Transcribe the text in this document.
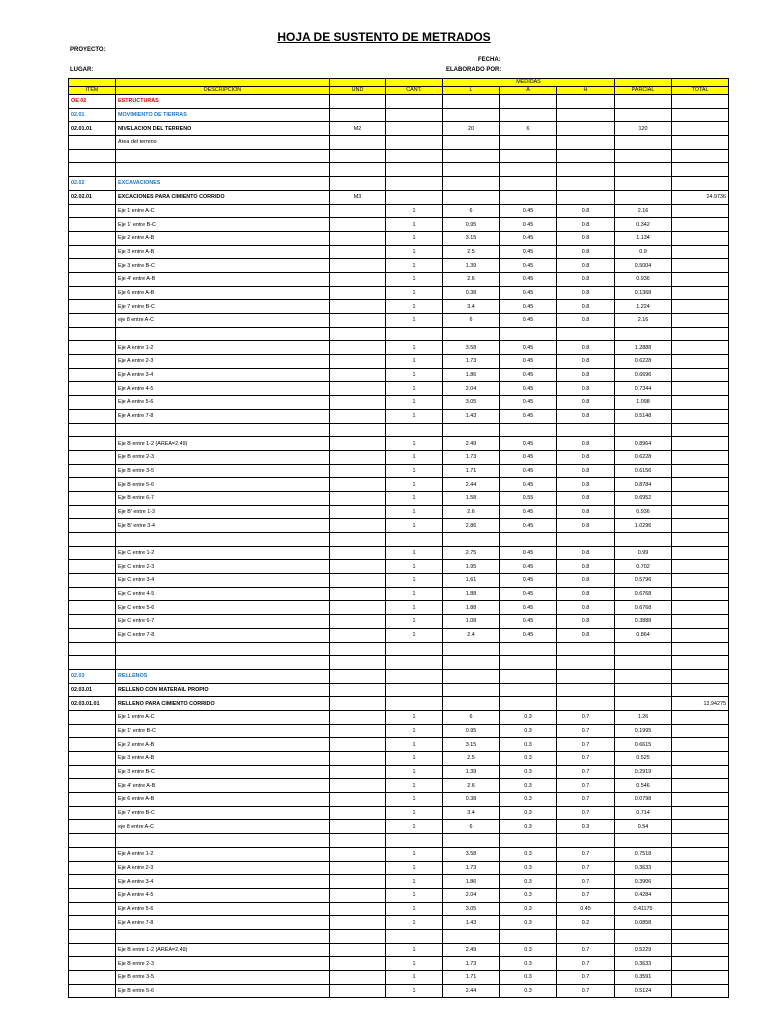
HOJA DE SUSTENTO DE METRADOS
PROYECTO:
LUGAR:
FECHA:
ELABORADO POR:
				MEDIDAS				
ITEM	DESCRIPCION	UND	CANT.	L	A	H	PARCIAL	TOTAL
OE 02	ESTRUCTURAS							
02.01	MOVIMIENTO DE TIERRAS							
02.01.01	NIVELACION DEL TERRENO	M2		20	6		120	
	Area del terreno							

02.02	EXCAVACIONES							
02.02.01	EXCACIONES PARA CIMIENTO CORRIDO	M3						24.9736
	Eje 1 entre A-C		1	6	0.45	0.8	2.16	
	Eje 1' entre B-C		1	0.95	0.45	0.8	0.342	
	Eje 2 entre A-B		1	3.15	0.45	0.8	1.134	
	Eje 3 entre A-B		1	2.5	0.45	0.8	0.9	
	Eje 3 entre B-C		1	1.39	0.45	0.8	0.5004	
	Eje 4' entre A-B		1	2.6	0.45	0.8	0.936	
	Eje 6 entre A-B		1	0.38	0.45	0.8	0.1368	
	Eje 7 entre B-C		1	3.4	0.45	0.8	1.224	
	eje 8 entre A-C		1	6	0.45	0.8	2.16	

	Eje A entre 1-2		1	3.58	0.45	0.8	1.2888	
	Eje A entre 2-3		1	1.73	0.45	0.8	0.6228	
	Eje A entre 3-4		1	1.86	0.45	0.8	0.6696	
	Eje A entre 4-5		1	2.04	0.45	0.8	0.7344	
	Eje A entre 5-6		1	3.05	0.45	0.8	1.098	
	Eje A entre 7-8		1	1.43	0.45	0.8	0.5148	

	Eje B entre 1-2 (AREA=2.49)		1	2.49	0.45	0.8	0.8964	
	Eje B entre 2-3		1	1.73	0.45	0.8	0.6228	
	Eje B entre 3-5		1	1.71	0.45	0.8	0.6156	
	Eje B entre 5-6		1	2.44	0.45	0.8	0.8784	
	Eje B entre 6-7		1	1.58	0.55	0.8	0.6952	
	Eje B' entre 1-3		1	2.6	0.45	0.8	0.936	
	Eje B' entre 3-4		1	2.86	0.45	0.8	1.0296	

	Eje C entre 1-2		1	2.75	0.45	0.8	0.99	
	Eje C entre 2-3		1	1.95	0.45	0.8	0.702	
	Eje C entre 3-4		1	1.61	0.45	0.8	0.5796	
	Eje C entre 4-5		1	1.88	0.45	0.8	0.6768	
	Eje C entre 5-6		1	1.88	0.45	0.8	0.6768	
	Eje C entre 6-7		1	1.08	0.45	0.8	0.3888	
	Eje C entre 7-8		1	2.4	0.45	0.8	0.864	

02.03	RELLENOS							
02.03.01	RELLENO CON MATERAIL PROPIO							
02.03.01.01	RELLENO PARA CIMIENTO CORRIDO							12.94275
	Eje 1 entre A-C		1	6	0.3	0.7	1.26	
	Eje 1' entre B-C		1	0.95	0.3	0.7	0.1995	
	Eje 2 entre A-B		1	3.15	0.3	0.7	0.6615	
	Eje 3 entre A-B		1	2.5	0.3	0.7	0.525	
	Eje 3 entre B-C		1	1.39	0.3	0.7	0.2919	
	Eje 4' entre A-B		1	2.6	0.3	0.7	0.546	
	Eje 6 entre A-B		1	0.38	0.3	0.7	0.0798	
	Eje 7 entre B-C		1	3.4	0.3	0.7	0.714	
	eje 8 entre A-C		1	6	0.3	0.3	0.54	

	Eje A entre 1-2		1	3.58	0.3	0.7	0.7518	
	Eje A entre 2-3		1	1.73	0.3	0.7	0.3633	
	Eje A entre 3-4		1	1.86	0.3	0.7	0.3906	
	Eje A entre 4-5		1	2.04	0.3	0.7	0.4284	
	Eje A entre 5-6		1	3.05	0.3	0.45	0.41175	
	Eje A entre 7-8		1	1.43	0.3	0.2	0.0858	

	Eje B entre 1-2 (AREA=2.49)		1	2.49	0.3	0.7	0.5229	
	Eje B entre 2-3		1	1.73	0.3	0.7	0.3633	
	Eje B entre 3-5		1	1.71	0.3	0.7	0.3591	
	Eje B entre 5-6		1	2.44	0.3	0.7	0.5124	
